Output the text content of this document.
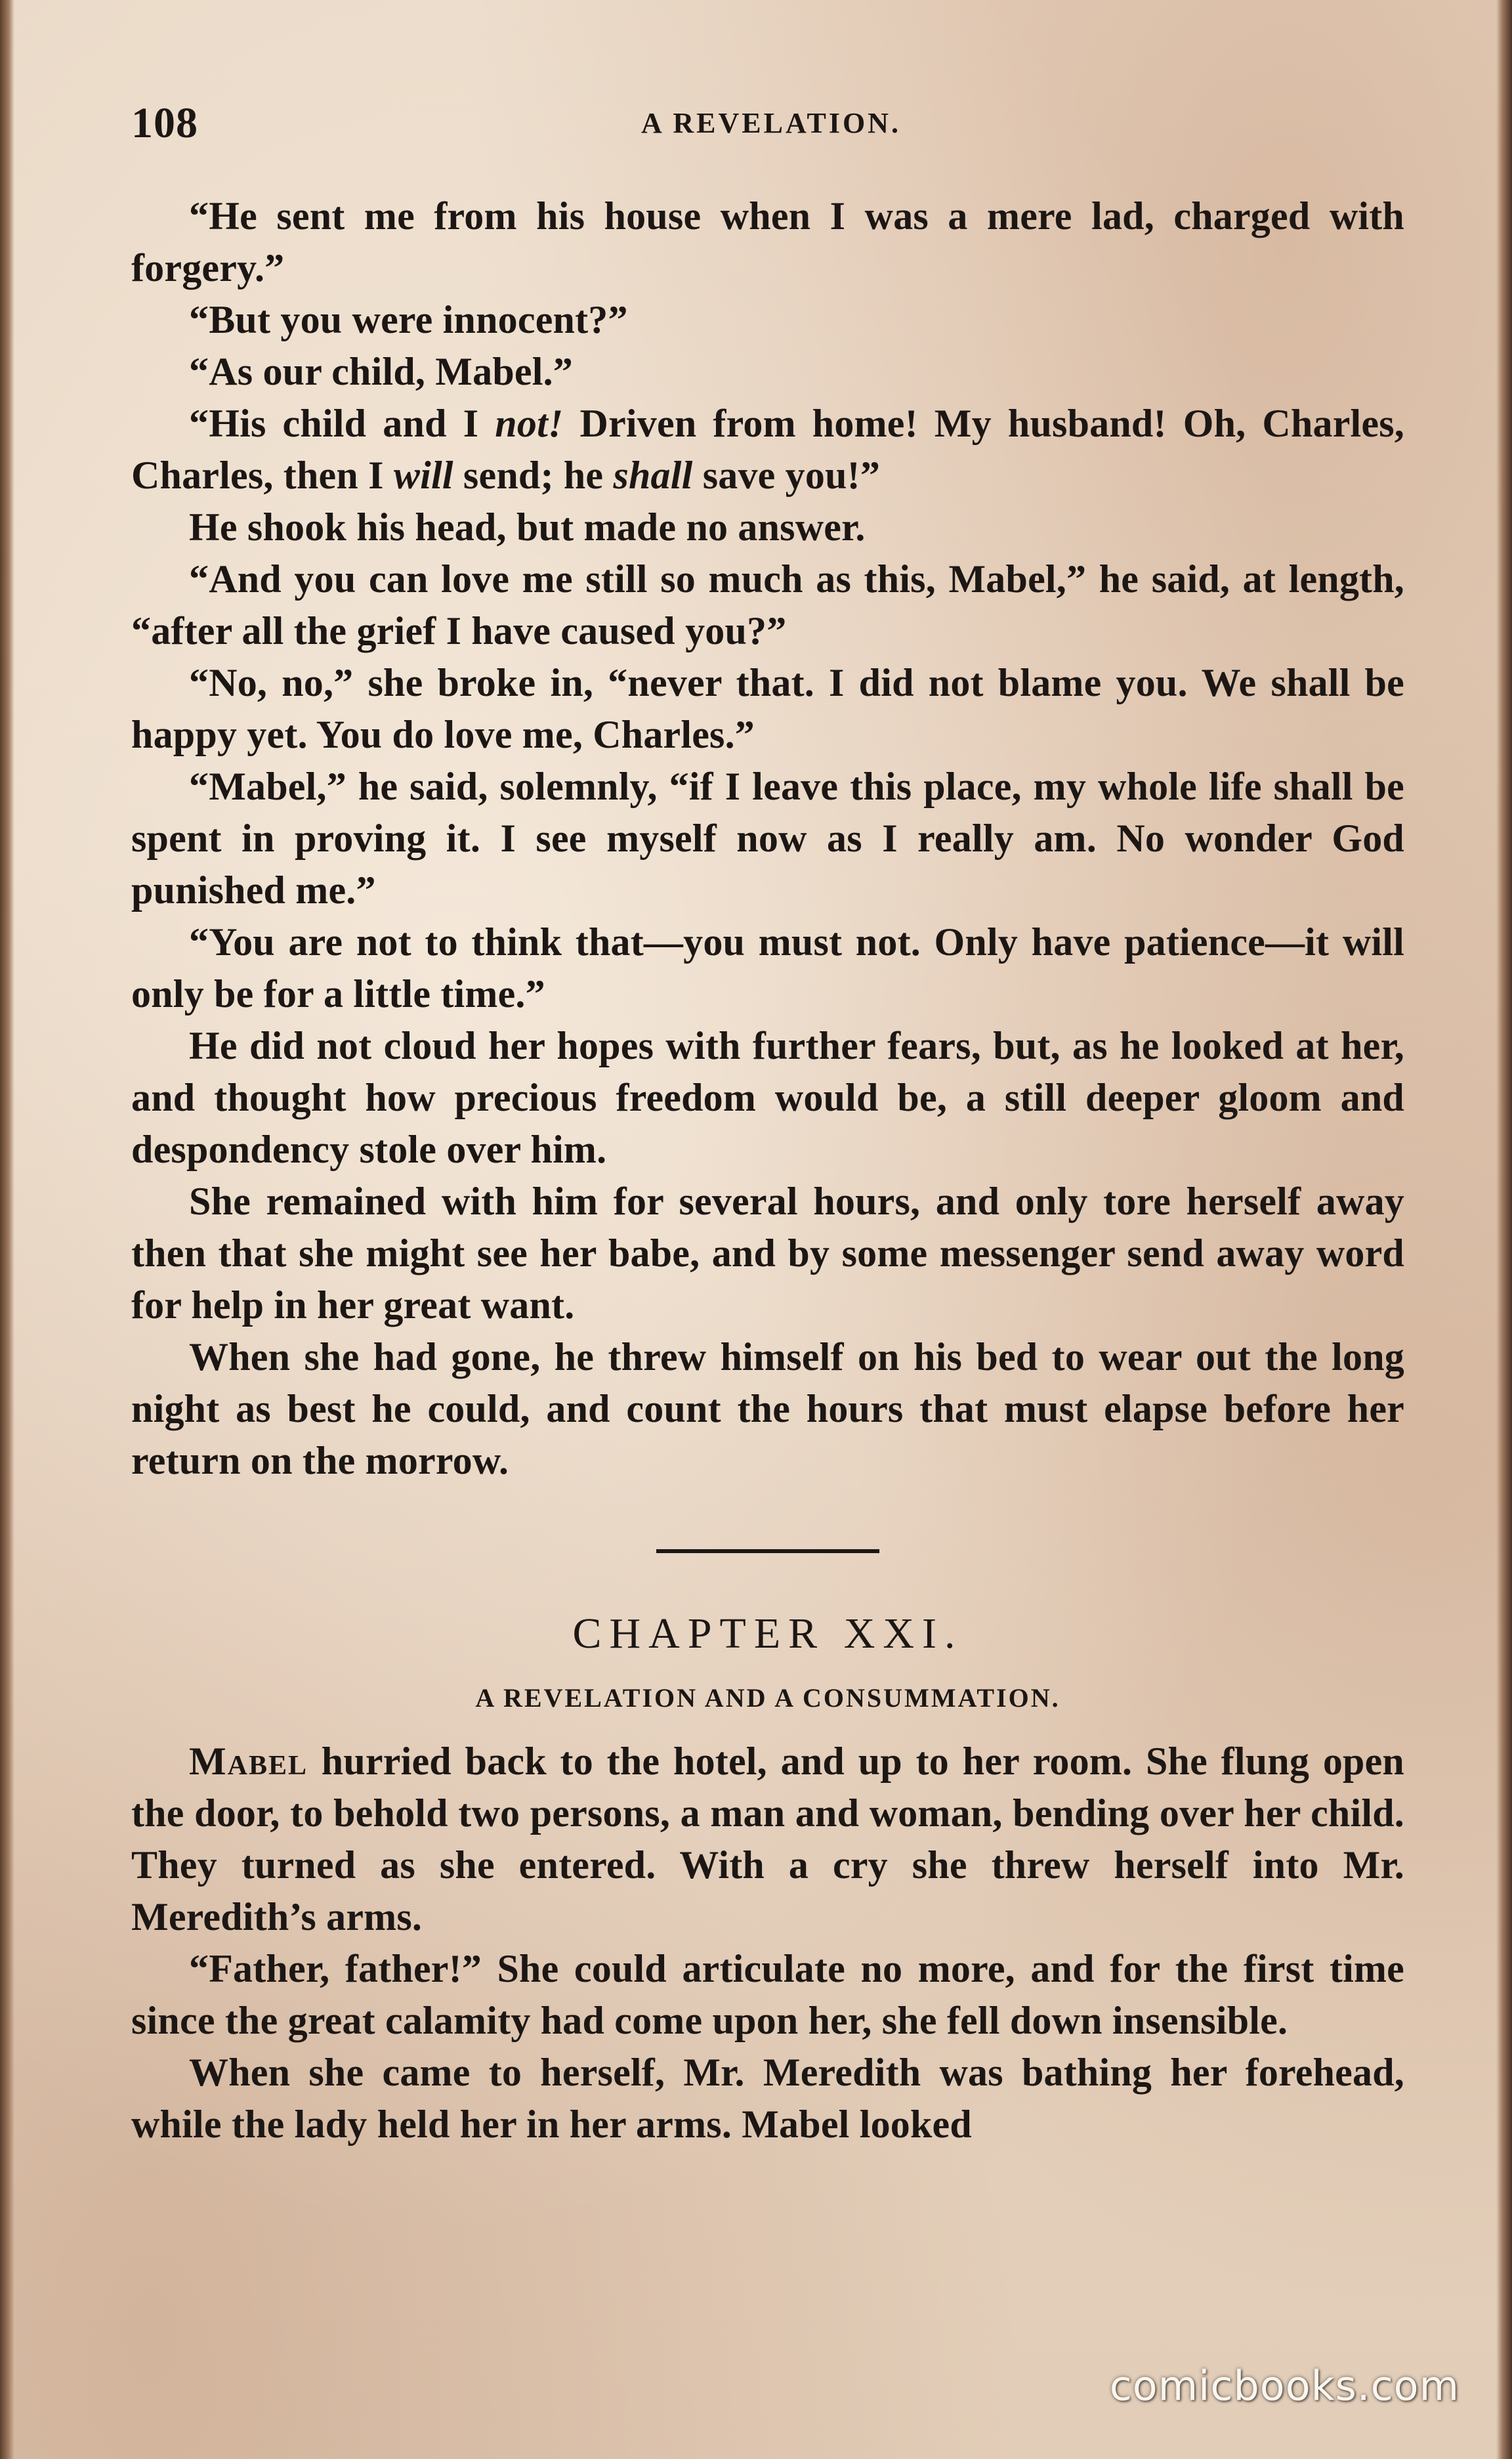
108	A REVELATION.

“He sent me from his house when I was a mere lad, charged with forgery.”

“But you were innocent?”

“As our child, Mabel.”

“His child and I not! Driven from home! My husband! Oh, Charles, Charles, then I will send; he shall save you!”

He shook his head, but made no answer.

“And you can love me still so much as this, Mabel,” he said, at length, “after all the grief I have caused you?”

“No, no,” she broke in, “never that. I did not blame you. We shall be happy yet. You do love me, Charles.”

“Mabel,” he said, solemnly, “if I leave this place, my whole life shall be spent in proving it. I see myself now as I really am. No wonder God punished me.”

“You are not to think that—you must not. Only have patience—it will only be for a little time.”

He did not cloud her hopes with further fears, but, as he looked at her, and thought how precious freedom would be, a still deeper gloom and despondency stole over him.

She remained with him for several hours, and only tore herself away then that she might see her babe, and by some messenger send away word for help in her great want.

When she had gone, he threw himself on his bed to wear out the long night as best he could, and count the hours that must elapse before her return on the morrow.

CHAPTER XXI.
A REVELATION AND A CONSUMMATION.

Mabel hurried back to the hotel, and up to her room. She flung open the door, to behold two persons, a man and woman, bending over her child. They turned as she entered. With a cry she threw herself into Mr. Meredith’s arms.

“Father, father!” She could articulate no more, and for the first time since the great calamity had come upon her, she fell down insensible.

When she came to herself, Mr. Meredith was bathing her forehead, while the lady held her in her arms. Mabel looked

comicbooks.com
